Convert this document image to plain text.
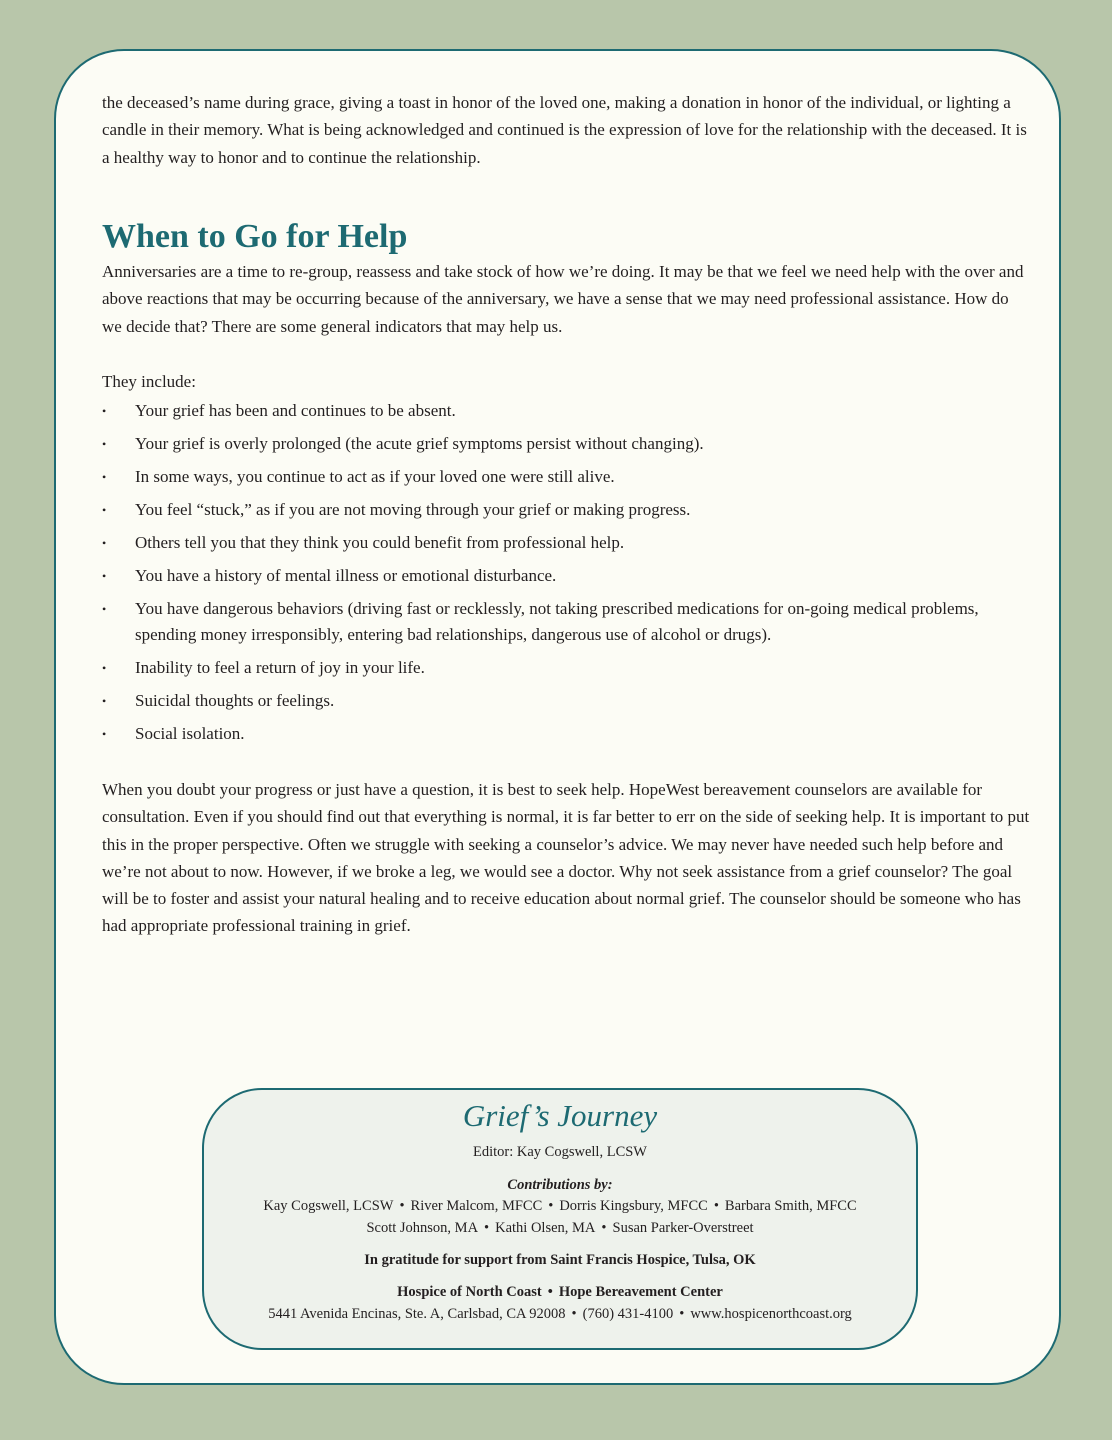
the deceased’s name during grace, giving a toast in honor of the loved one, making a donation in honor of the individual, or lighting a candle in their memory. What is being acknowledged and continued is the expression of love for the relationship with the deceased. It is a healthy way to honor and to continue the relationship.

When to Go for Help

Anniversaries are a time to re-group, reassess and take stock of how we’re doing. It may be that we feel we need help with the over and above reactions that may be occurring because of the anniversary, we have a sense that we may need professional assistance. How do we decide that? There are some general indicators that may help us.

They include:

• Your grief has been and continues to be absent.
• Your grief is overly prolonged (the acute grief symptoms persist without changing).
• In some ways, you continue to act as if your loved one were still alive.
• You feel “stuck,” as if you are not moving through your grief or making progress.
• Others tell you that they think you could benefit from professional help.
• You have a history of mental illness or emotional disturbance.
• You have dangerous behaviors (driving fast or recklessly, not taking prescribed medications for on-going medical problems, spending money irresponsibly, entering bad relationships, dangerous use of alcohol or drugs).
• Inability to feel a return of joy in your life.
• Suicidal thoughts or feelings.
• Social isolation.

When you doubt your progress or just have a question, it is best to seek help. HopeWest bereavement counselors are available for consultation. Even if you should find out that everything is normal, it is far better to err on the side of seeking help. It is important to put this in the proper perspective. Often we struggle with seeking a counselor’s advice. We may never have needed such help before and we’re not about to now. However, if we broke a leg, we would see a doctor. Why not seek assistance from a grief counselor? The goal will be to foster and assist your natural healing and to receive education about normal grief. The counselor should be someone who has had appropriate professional training in grief.

Grief’s Journey
Editor: Kay Cogswell, LCSW
Contributions by:
Kay Cogswell, LCSW • River Malcom, MFCC • Dorris Kingsbury, MFCC • Barbara Smith, MFCC
Scott Johnson, MA • Kathi Olsen, MA • Susan Parker-Overstreet
In gratitude for support from Saint Francis Hospice, Tulsa, OK
Hospice of North Coast • Hope Bereavement Center
5441 Avenida Encinas, Ste. A, Carlsbad, CA 92008 • (760) 431-4100 • www.hospicenorthcoast.org
